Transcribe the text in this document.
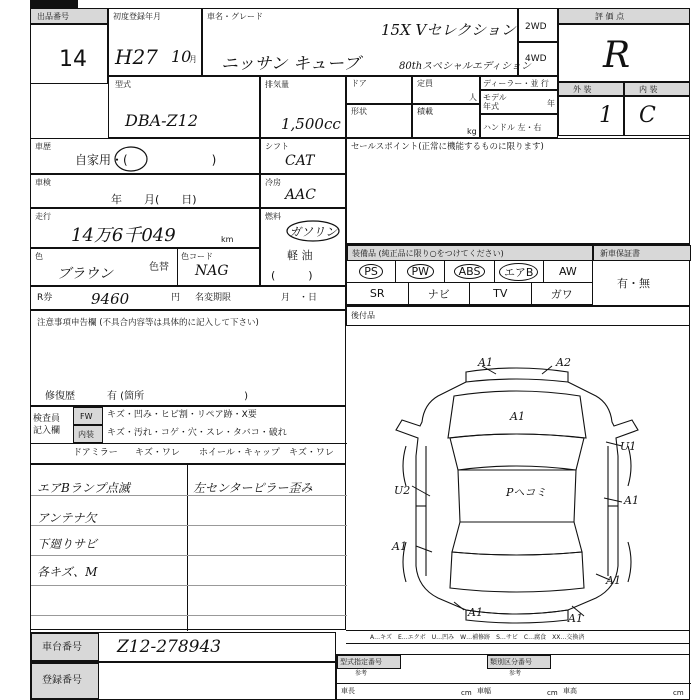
出品番号
14
初度登録年月
H27 10
月
車名・グレード
15X Vセレクション
ニッサン キューブ	80thスペシャルエディション
2WD
4WD
評 価 点
R
外 装	内 装
1 C
型式
DBA-Z12
排気量
1,500cc
ドア	定員
人
ディーラー・並 行
モデル 年式	年
形状	積載
kg ハンドル 左・右
車歴
自家用・(　　　　　　　)
シフト
CAT
車検
年　　月(　　日)
冷房
AAC
走行
14万6千049	km
燃料
ガソリン
軽 油
(　　　)
色
ブラウン	色替
色コード
NAG
R券	9460	円 名変期限	月　・日
注意事項申告欄 (不具合内容等は具体的に記入して下さい)
修復歴	有 (箇所　　　　　　　　　　)
検査員 記入欄
FW キズ・凹み・ヒビ割・リペア跡・X要
内装 キズ・汚れ・コゲ・穴・スレ・タバコ・破れ
ドアミラー キズ・ワレ ホイール・キャップ キズ・ワレ
エアBランプ点滅
アンテナ欠
下廻りサビ
各キズ、M
左センターピラー歪み
セールスポイント(正常に機能するものに限ります)
装備品 (純正品に限り○をつけてください)	新車保証書
PS	PW	ABS	エアB	AW
SR	ナビ	TV	ガワ
有・無
後付品
A1	A2
A1
U1
U2
A1
A1
A1
A1
Pヘコミ
A1
A…キズ　E…エクボ　U…凹み　W…補修跡　S…サビ　C…腐食　XX…交換済
車台番号 Z12-278943
登録番号
型式指定番号
参考
類別区分番号
参考
車長	cm 車幅	cm 車高	cm
